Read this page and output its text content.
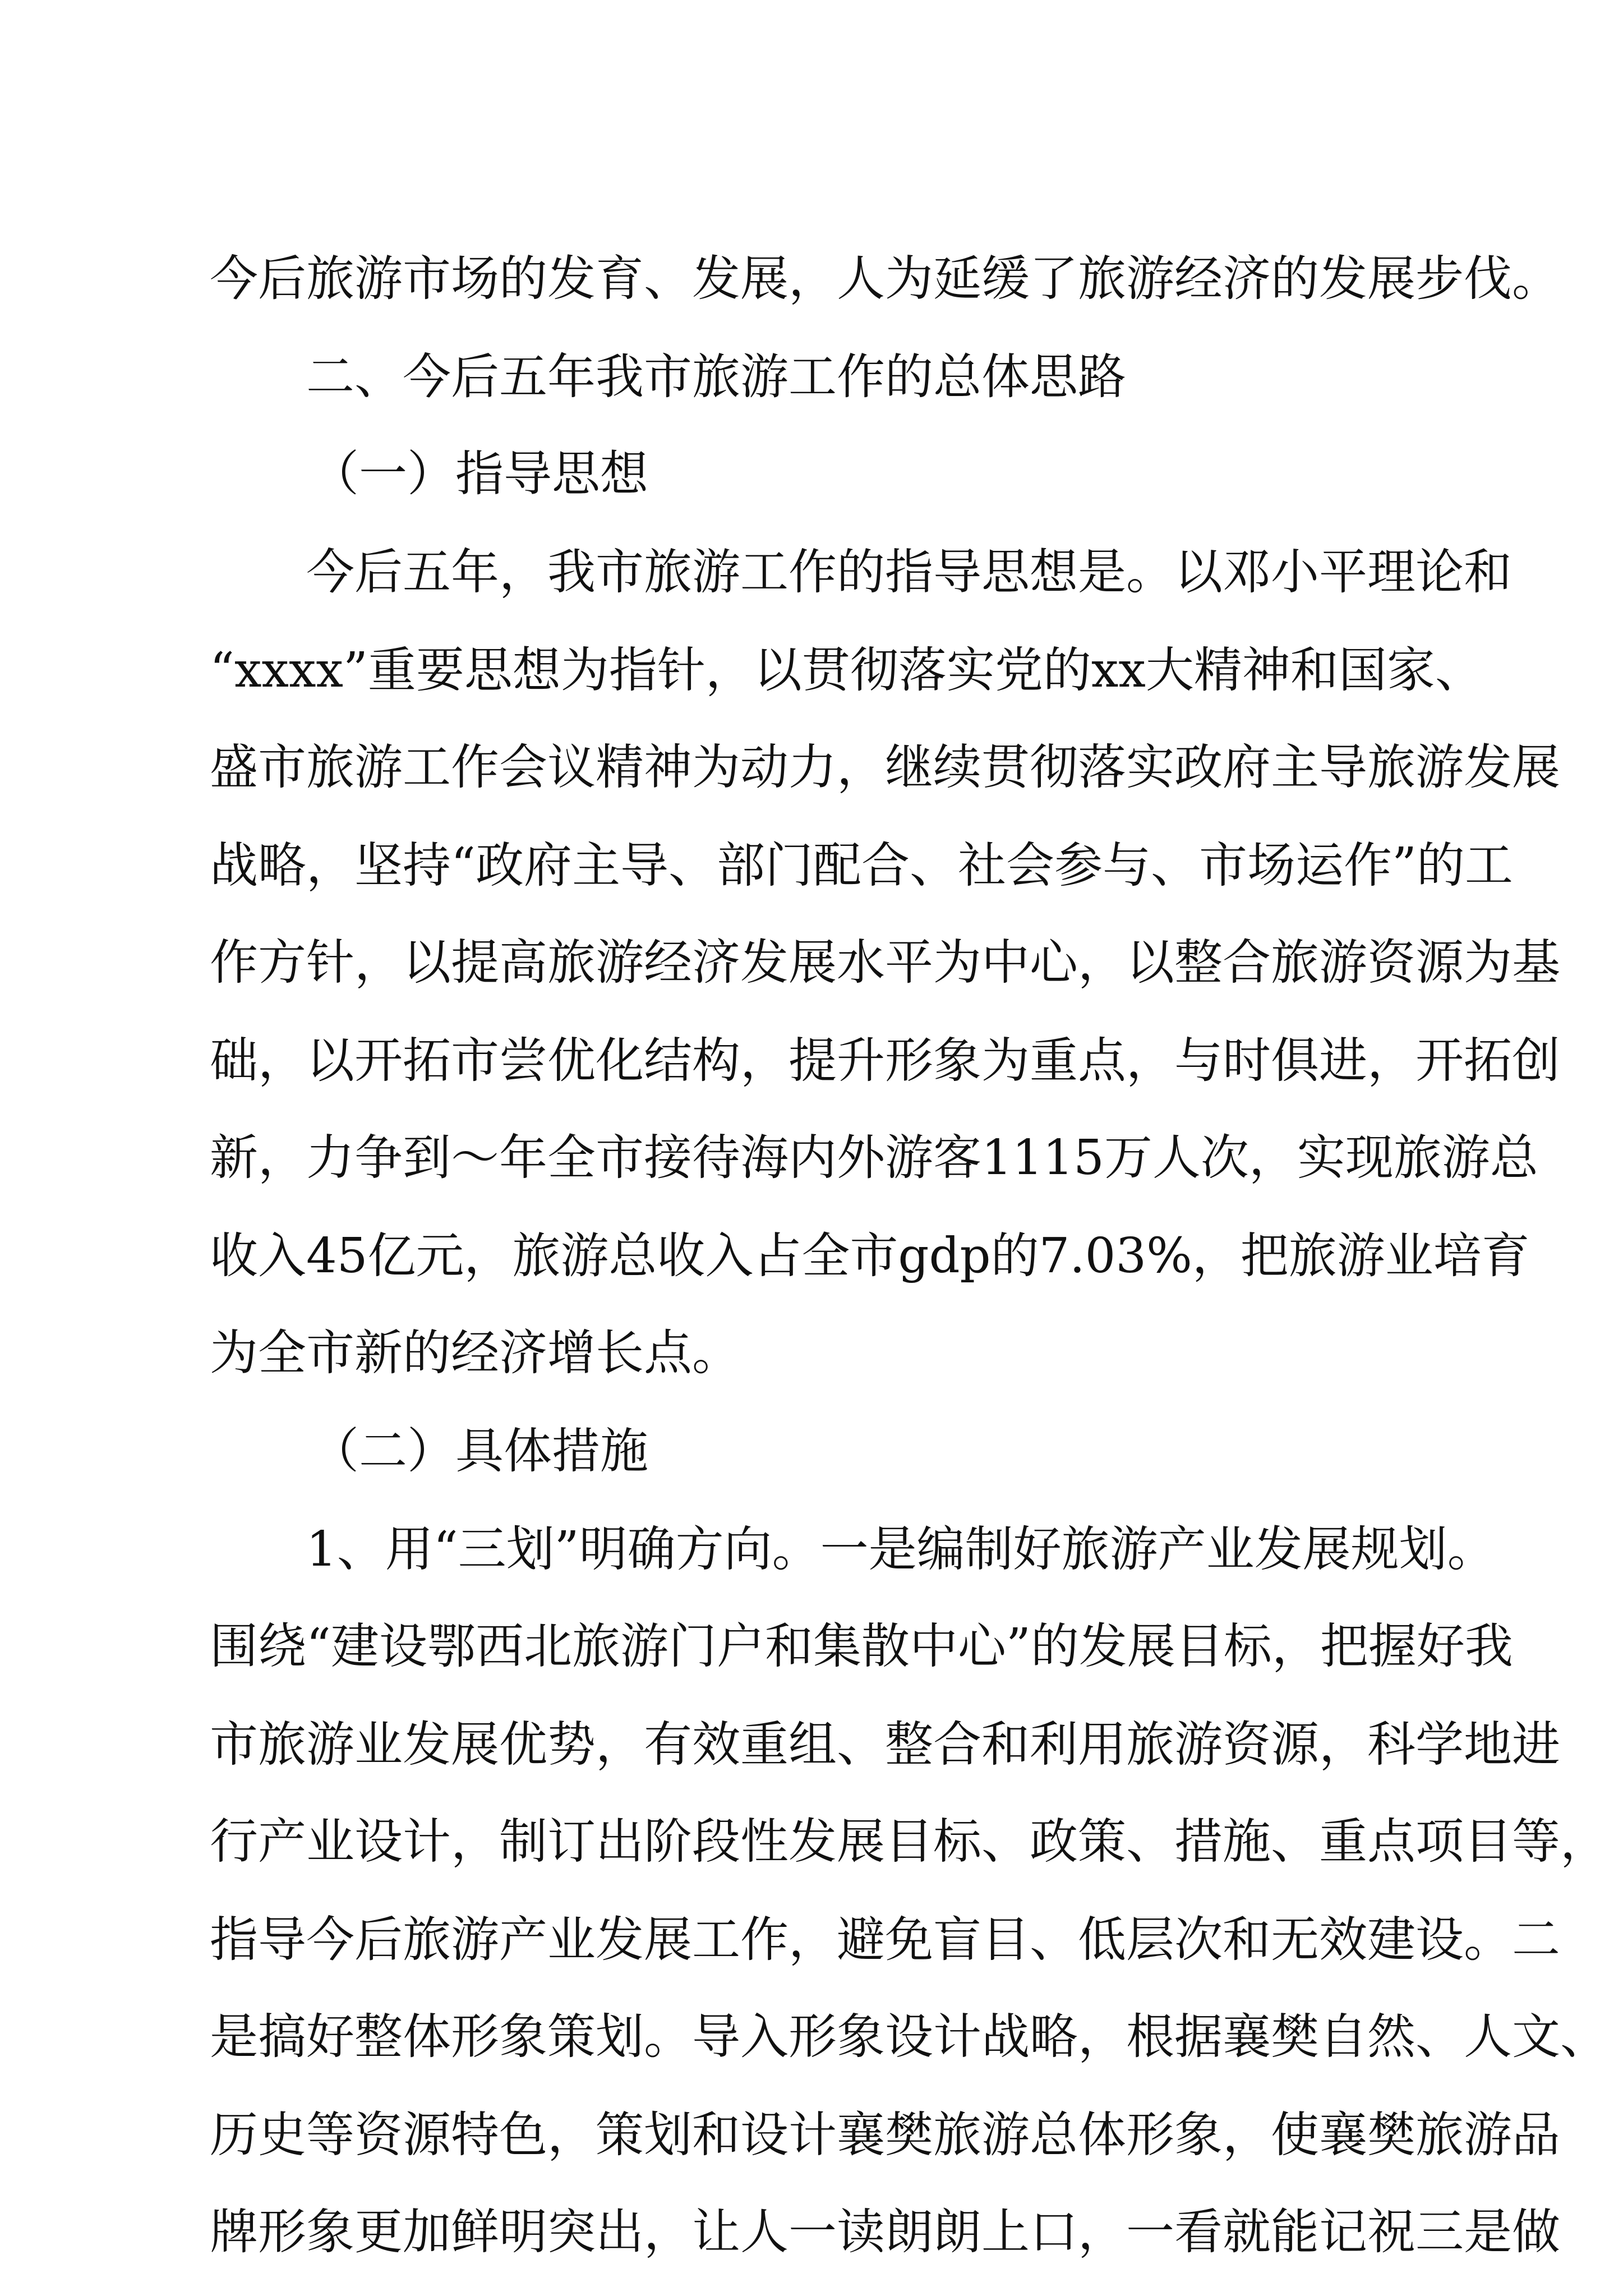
今后旅游市场的发育、发展，人为延缓了旅游经济的发展步伐。
二、今后五年我市旅游工作的总体思路
（一）指导思想
今后五年，我市旅游工作的指导思想是。以邓小平理论和
“xxxx”重要思想为指针，以贯彻落实党的xx大精神和国家、
盛市旅游工作会议精神为动力，继续贯彻落实政府主导旅游发展
战略，坚持“政府主导、部门配合、社会参与、市场运作”的工
作方针，以提高旅游经济发展水平为中心，以整合旅游资源为基
础，以开拓市尝优化结构，提升形象为重点，与时俱进，开拓创
新，力争到～年全市接待海内外游客1115万人次，实现旅游总
收入45亿元，旅游总收入占全市gdp的7.03%，把旅游业培育
为全市新的经济增长点。
（二）具体措施
1、用“三划”明确方向。一是编制好旅游产业发展规划。
围绕“建设鄂西北旅游门户和集散中心”的发展目标，把握好我
市旅游业发展优势，有效重组、整合和利用旅游资源，科学地进
行产业设计，制订出阶段性发展目标、政策、措施、重点项目等，
指导今后旅游产业发展工作，避免盲目、低层次和无效建设。二
是搞好整体形象策划。导入形象设计战略，根据襄樊自然、人文、
历史等资源特色，策划和设计襄樊旅游总体形象，使襄樊旅游品
牌形象更加鲜明突出，让人一读朗朗上口，一看就能记祝三是做
